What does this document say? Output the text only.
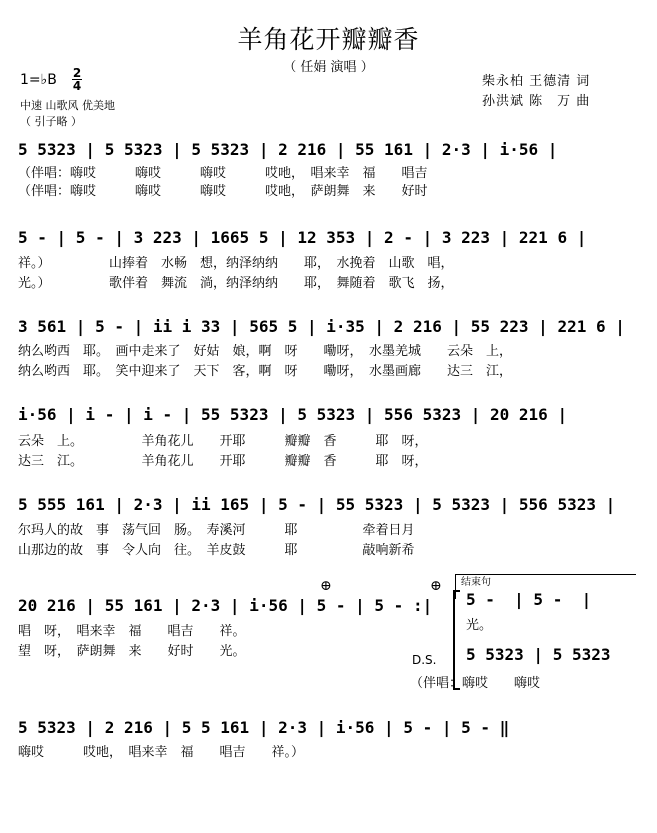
羊角花开瓣瓣香
（ 任娟 演唱 ）
柴永柏 王德清 词
孙洪斌 陈　万 曲
1=♭B 2
4
中速 山歌风 优美地
（ 引子略 ）
5 5323 | 5 5323 | 5 5323 | 2 216 | 55 161 | 2·3 | i·56 |
（伴唱：嗨哎　　　嗨哎　　　嗨哎　　　哎吔，　唱来幸　福　　唱吉
（伴唱：嗨哎　　　嗨哎　　　嗨哎　　　哎吔，　萨朗舞　来　　好时
5 - | 5 - | 3 223 | 1665 5 | 12 353 | 2 - | 3 223 | 221 6 |
祥。）　　　　　山捧着　水畅　想，纳泽纳纳　　耶，　水挽着　山歌　唱，
光。）　　　　　歌伴着　舞流　淌，纳泽纳纳　　耶，　舞随着　歌飞　扬，
3 561 | 5 - | ii i 33 | 565 5 | i·35 | 2 216 | 55 223 | 221 6 |
纳么哟西　耶。　画中走来了　好姑　娘，啊　呀　　嘞呀，　水墨羌城　　云朵　上，
纳么哟西　耶。　笑中迎来了　天下　客，啊　呀　　嘞呀，　水墨画廊　　达三　江，
i·56 | i - | i - | 55 5323 | 5 5323 | 556 5323 | 20 216 |
云朵　上。　　　　　羊角花儿　　开耶　　　瓣瓣　香　　　耶　呀，
达三　江。　　　　　羊角花儿　　开耶　　　瓣瓣　香　　　耶　呀，
5 555 161 | 2·3 | ii 165 | 5 - | 55 5323 | 5 5323 | 556 5323 |
尔玛人的故　事　荡气回　肠。　寿溪河　　　耶　　　　　牵着日月
山那边的故　事　令人向　往。　羊皮鼓　　　耶　　　　　敲响新希
⊕	⊕
20 216 | 55 161 | 2·3 | i·56 | 5 - | 5 - :|
唱　呀，　唱来幸　福　　唱吉　　祥。
望　呀，　萨朗舞　来　　好时　　光。
结束句
5 -  | 5 -  |
光。
D.S. 5 5323 | 5 5323
（伴唱：嗨哎　　嗨哎
5 5323 | 2 216 | 5 5 161 | 2·3 | i·56 | 5 - | 5 - ‖
嗨哎　　　哎吔，　唱来幸　福　　唱吉　　祥。）
